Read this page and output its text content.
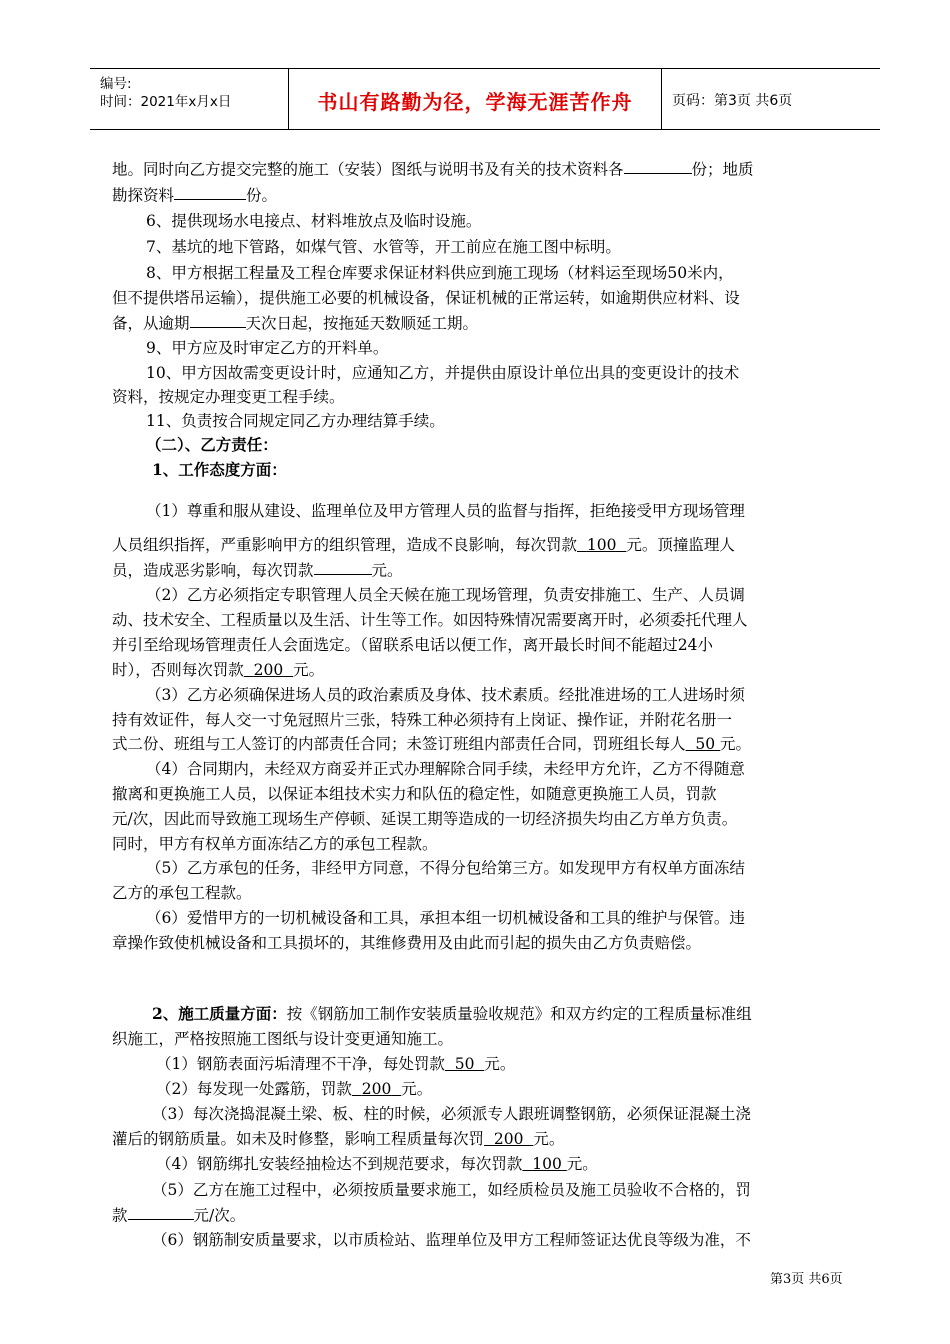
编号:
时间：2021年x月x日	书山有路勤为径，学海无涯苦作舟	页码：第3页 共6页
地。同时向乙方提交完整的施工（安装）图纸与说明书及有关的技术资料各	份；地质
勘探资料	份。
6、提供现场水电接点、材料堆放点及临时设施。
7、基坑的地下管路，如煤气管、水管等，开工前应在施工图中标明。
8、甲方根据工程量及工程仓库要求保证材料供应到施工现场（材料运至现场50米内，
但不提供塔吊运输），提供施工必要的机械设备，保证机械的正常运转，如逾期供应材料、设
备，从逾期	天次日起，按拖延天数顺延工期。
9、甲方应及时审定乙方的开料单。
10、甲方因故需变更设计时，应通知乙方，并提供由原设计单位出具的变更设计的技术
资料，按规定办理变更工程手续。
11、负责按合同规定同乙方办理结算手续。
（二）、乙方责任：
1、工作态度方面：
（1）尊重和服从建设、监理单位及甲方管理人员的监督与指挥，拒绝接受甲方现场管理
人员组织指挥，严重影响甲方的组织管理，造成不良影响，每次罚款 100 元。顶撞监理人
员，造成恶劣影响，每次罚款	元。
（2）乙方必须指定专职管理人员全天候在施工现场管理，负责安排施工、生产、人员调
动、技术安全、工程质量以及生活、计生等工作。如因特殊情况需要离开时，必须委托代理人
并引至给现场管理责任人会面选定。（留联系电话以便工作，离开最长时间不能超过24小
时），否则每次罚款 200 元。
（3）乙方必须确保进场人员的政治素质及身体、技术素质。经批准进场的工人进场时须
持有效证件，每人交一寸免冠照片三张，特殊工种必须持有上岗证、操作证，并附花名册一
式二份、班组与工人签订的内部责任合同；未签订班组内部责任合同，罚班组长每人 50 元。
（4）合同期内，未经双方商妥并正式办理解除合同手续，未经甲方允许，乙方不得随意
撤离和更换施工人员，以保证本组技术实力和队伍的稳定性，如随意更换施工人员，罚款
元/次，因此而导致施工现场生产停顿、延误工期等造成的一切经济损失均由乙方单方负责。
同时，甲方有权单方面冻结乙方的承包工程款。
（5）乙方承包的任务，非经甲方同意，不得分包给第三方。如发现甲方有权单方面冻结
乙方的承包工程款。
（6）爱惜甲方的一切机械设备和工具，承担本组一切机械设备和工具的维护与保管。违
章操作致使机械设备和工具损坏的，其维修费用及由此而引起的损失由乙方负责赔偿。
2、施工质量方面：按《钢筋加工制作安装质量验收规范》和双方约定的工程质量标准组
织施工，严格按照施工图纸与设计变更通知施工。
（1）钢筋表面污垢清理不干净，每处罚款 50 元。
（2）每发现一处露筋，罚款 200 元。
（3）每次浇捣混凝土梁、板、柱的时候，必须派专人跟班调整钢筋，必须保证混凝土浇
灌后的钢筋质量。如未及时修整，影响工程质量每次罚 200 元。
（4）钢筋绑扎安装经抽检达不到规范要求，每次罚款 100 元。
（5）乙方在施工过程中，必须按质量要求施工，如经质检员及施工员验收不合格的，罚
款	元/次。
（6）钢筋制安质量要求，以市质检站、监理单位及甲方工程师签证达优良等级为准，不
第3页 共6页
